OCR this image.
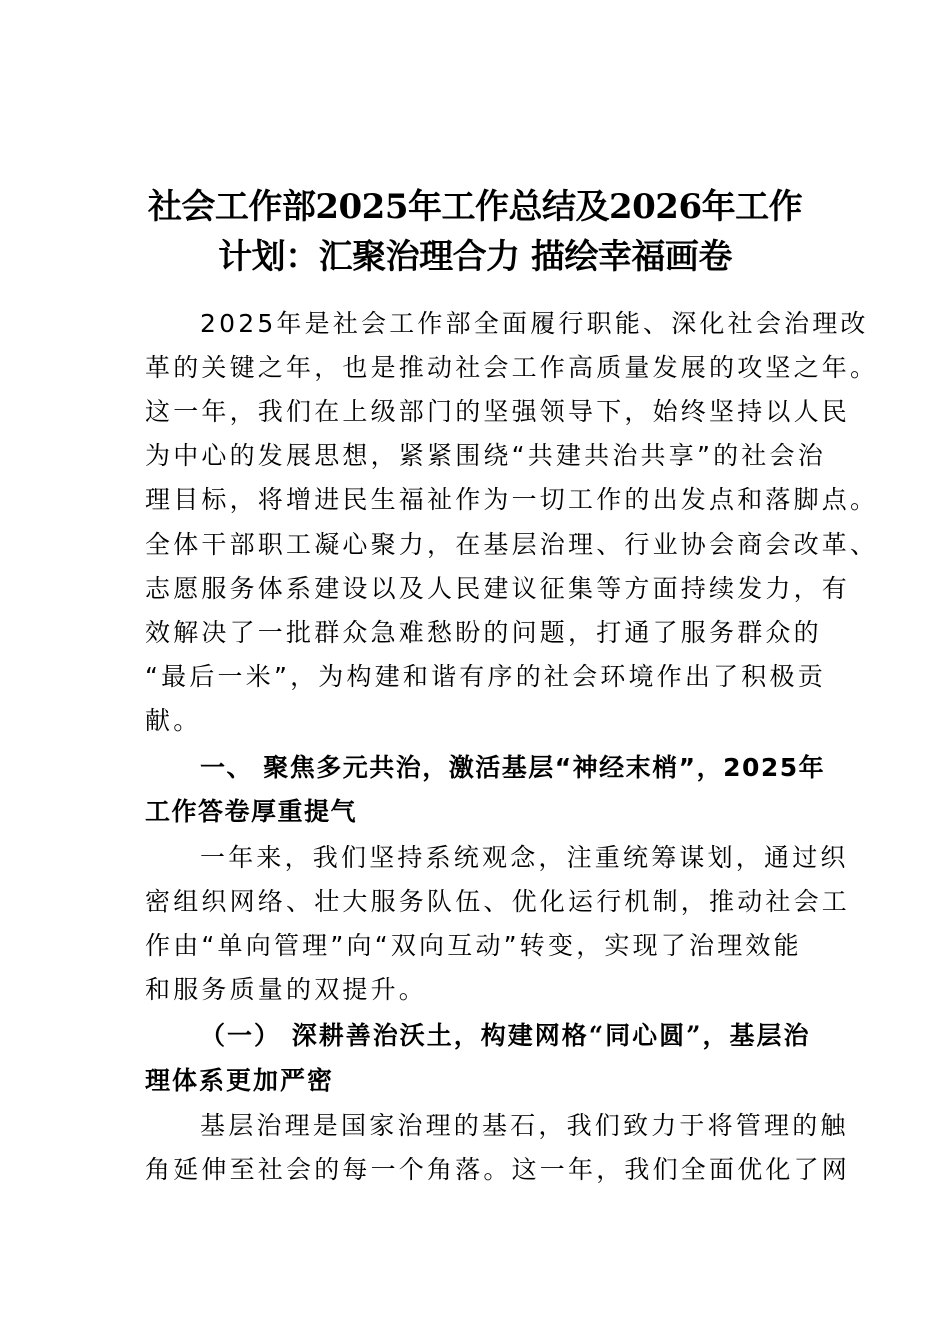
社会工作部2025年工作总结及2026年工作
计划：汇聚治理合力 描绘幸福画卷
2025年是社会工作部全面履行职能、深化社会治理改
革的关键之年，也是推动社会工作高质量发展的攻坚之年。
这一年，我们在上级部门的坚强领导下，始终坚持以人民
为中心的发展思想，紧紧围绕“共建共治共享”的社会治
理目标，将增进民生福祉作为一切工作的出发点和落脚点。
全体干部职工凝心聚力，在基层治理、行业协会商会改革、
志愿服务体系建设以及人民建议征集等方面持续发力，有
效解决了一批群众急难愁盼的问题，打通了服务群众的
“最后一米”，为构建和谐有序的社会环境作出了积极贡
献。
一、 聚焦多元共治，激活基层“神经末梢”，2025年
工作答卷厚重提气
一年来，我们坚持系统观念，注重统筹谋划，通过织
密组织网络、壮大服务队伍、优化运行机制，推动社会工
作由“单向管理”向“双向互动”转变，实现了治理效能
和服务质量的双提升。
（一） 深耕善治沃土，构建网格“同心圆”，基层治
理体系更加严密
基层治理是国家治理的基石，我们致力于将管理的触
角延伸至社会的每一个角落。这一年，我们全面优化了网
